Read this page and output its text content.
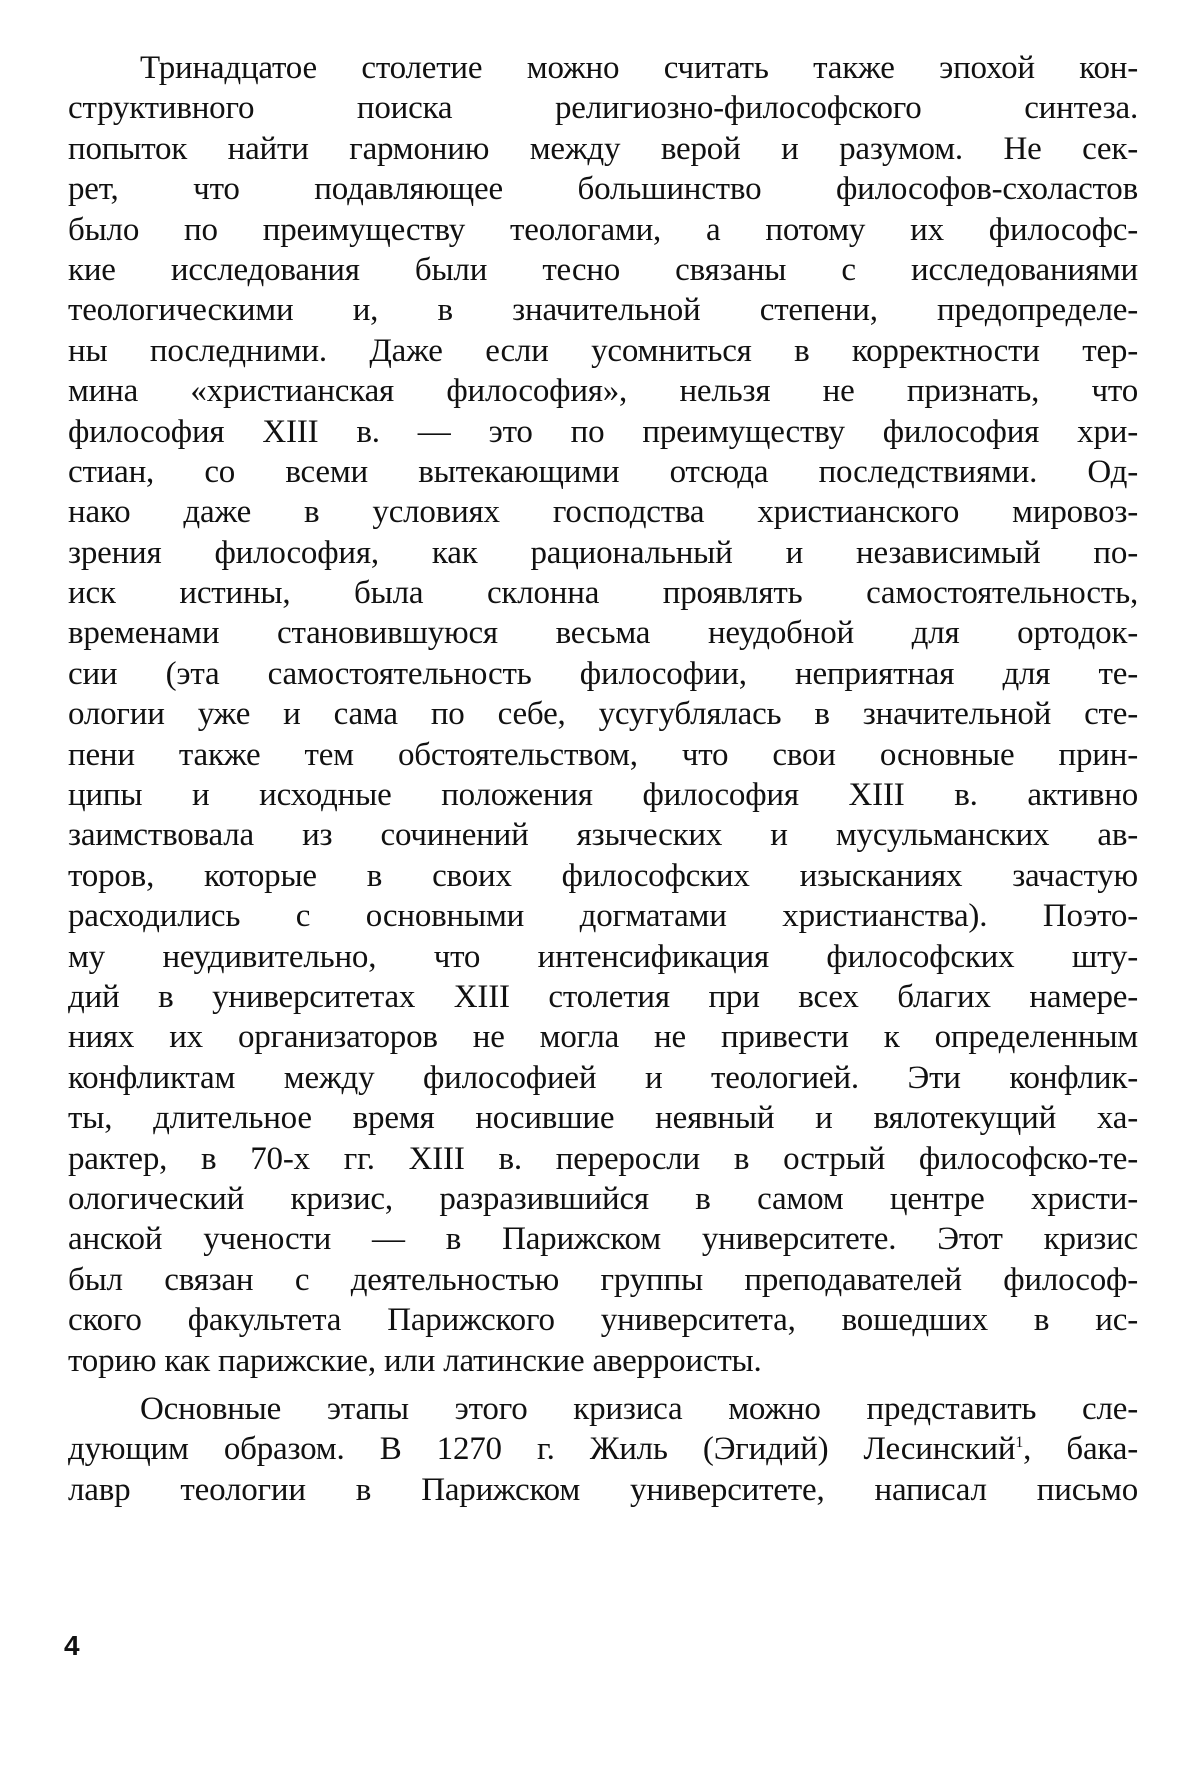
Тринадцатое столетие можно считать также эпохой кон-
структивного поиска религиозно-философского синтеза.
попыток найти гармонию между верой и разумом. Не сек-
рет, что подавляющее большинство философов-схоластов
было по преимуществу теологами, а потому их философс-
кие исследования были тесно связаны с исследованиями
теологическими и, в значительной степени, предопределе-
ны последними. Даже если усомниться в корректности тер-
мина «христианская философия», нельзя не признать, что
философия XIII в. — это по преимуществу философия хри-
стиан, со всеми вытекающими отсюда последствиями. Од-
нако даже в условиях господства христианского мировоз-
зрения философия, как рациональный и независимый по-
иск истины, была склонна проявлять самостоятельность,
временами становившуюся весьма неудобной для ортодок-
сии (эта самостоятельность философии, неприятная для те-
ологии уже и сама по себе, усугублялась в значительной сте-
пени также тем обстоятельством, что свои основные прин-
ципы и исходные положения философия XIII в. активно
заимствовала из сочинений языческих и мусульманских ав-
торов, которые в своих философских изысканиях зачастую
расходились с основными догматами христианства). Поэто-
му неудивительно, что интенсификация философских шту-
дий в университетах XIII столетия при всех благих намере-
ниях их организаторов не могла не привести к определенным
конфликтам между философией и теологией. Эти конфлик-
ты, длительное время носившие неявный и вялотекущий ха-
рактер, в 70-х гг. XIII в. переросли в острый философско-те-
ологический кризис, разразившийся в самом центре христи-
анской учености — в Парижском университете. Этот кризис
был связан с деятельностью группы преподавателей философ-
ского факультета Парижского университета, вошедших в ис-
торию как парижские, или латинские аверроисты.
Основные этапы этого кризиса можно представить сле-
дующим образом. В 1270 г. Жиль (Эгидий) Лесинский$^1$, бака-
лавр теологии в Парижском университете, написал письмо
4
